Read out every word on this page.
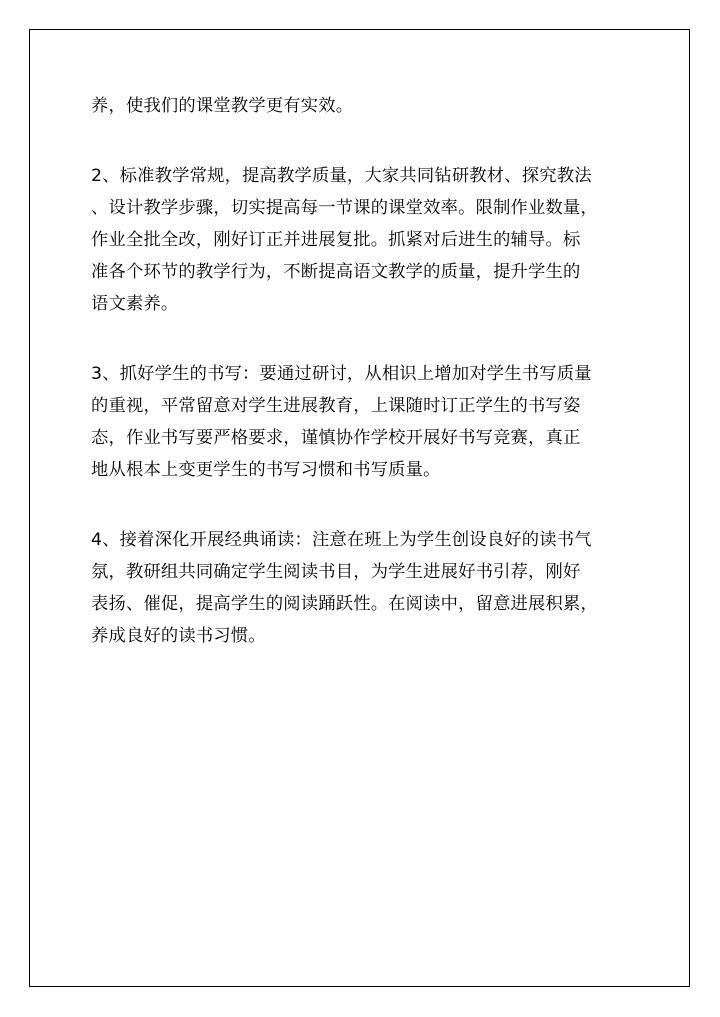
养，使我们的课堂教学更有实效。
2、标准教学常规，提高教学质量，大家共同钻研教材、探究教法
、设计教学步骤，切实提高每一节课的课堂效率。限制作业数量，
作业全批全改，刚好订正并进展复批。抓紧对后进生的辅导。标
准各个环节的教学行为，不断提高语文教学的质量，提升学生的
语文素养。
3、抓好学生的书写：要通过研讨，从相识上增加对学生书写质量
的重视，平常留意对学生进展教育，上课随时订正学生的书写姿
态，作业书写要严格要求，谨慎协作学校开展好书写竞赛，真正
地从根本上变更学生的书写习惯和书写质量。
4、接着深化开展经典诵读：注意在班上为学生创设良好的读书气
氛，教研组共同确定学生阅读书目，为学生进展好书引荐，刚好
表扬、催促，提高学生的阅读踊跃性。在阅读中，留意进展积累，
养成良好的读书习惯。
